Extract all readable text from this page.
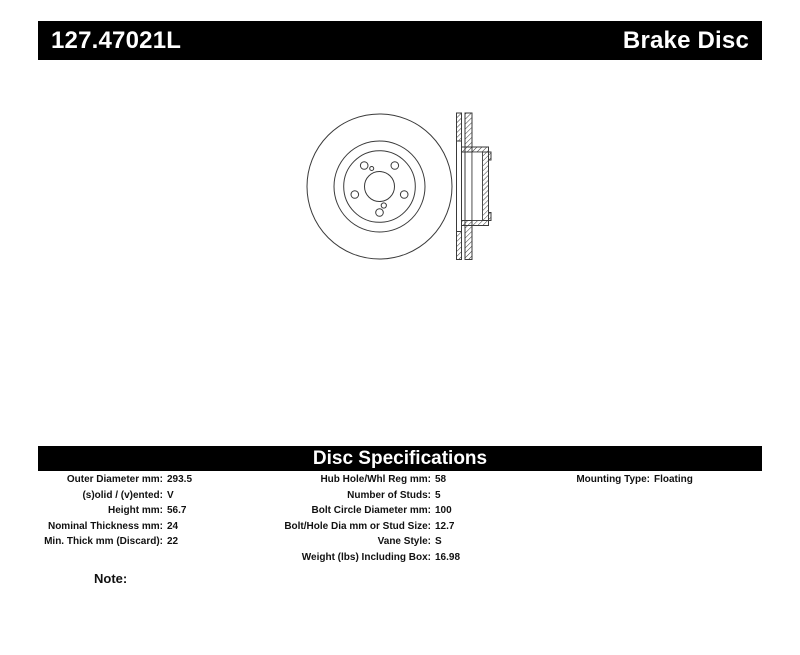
127.47021L	Brake Disc
Disc Specifications
Outer Diameter mm: 293.5
(s)olid / (v)ented: V
Height mm: 56.7
Nominal Thickness mm: 24
Min. Thick mm (Discard): 22
Hub Hole/Whl Reg mm: 58
Number of Studs: 5
Bolt Circle Diameter mm: 100
Bolt/Hole Dia mm or Stud Size: 12.7
Vane Style: S
Weight (lbs) Including Box: 16.98
Mounting Type: Floating
Note:
